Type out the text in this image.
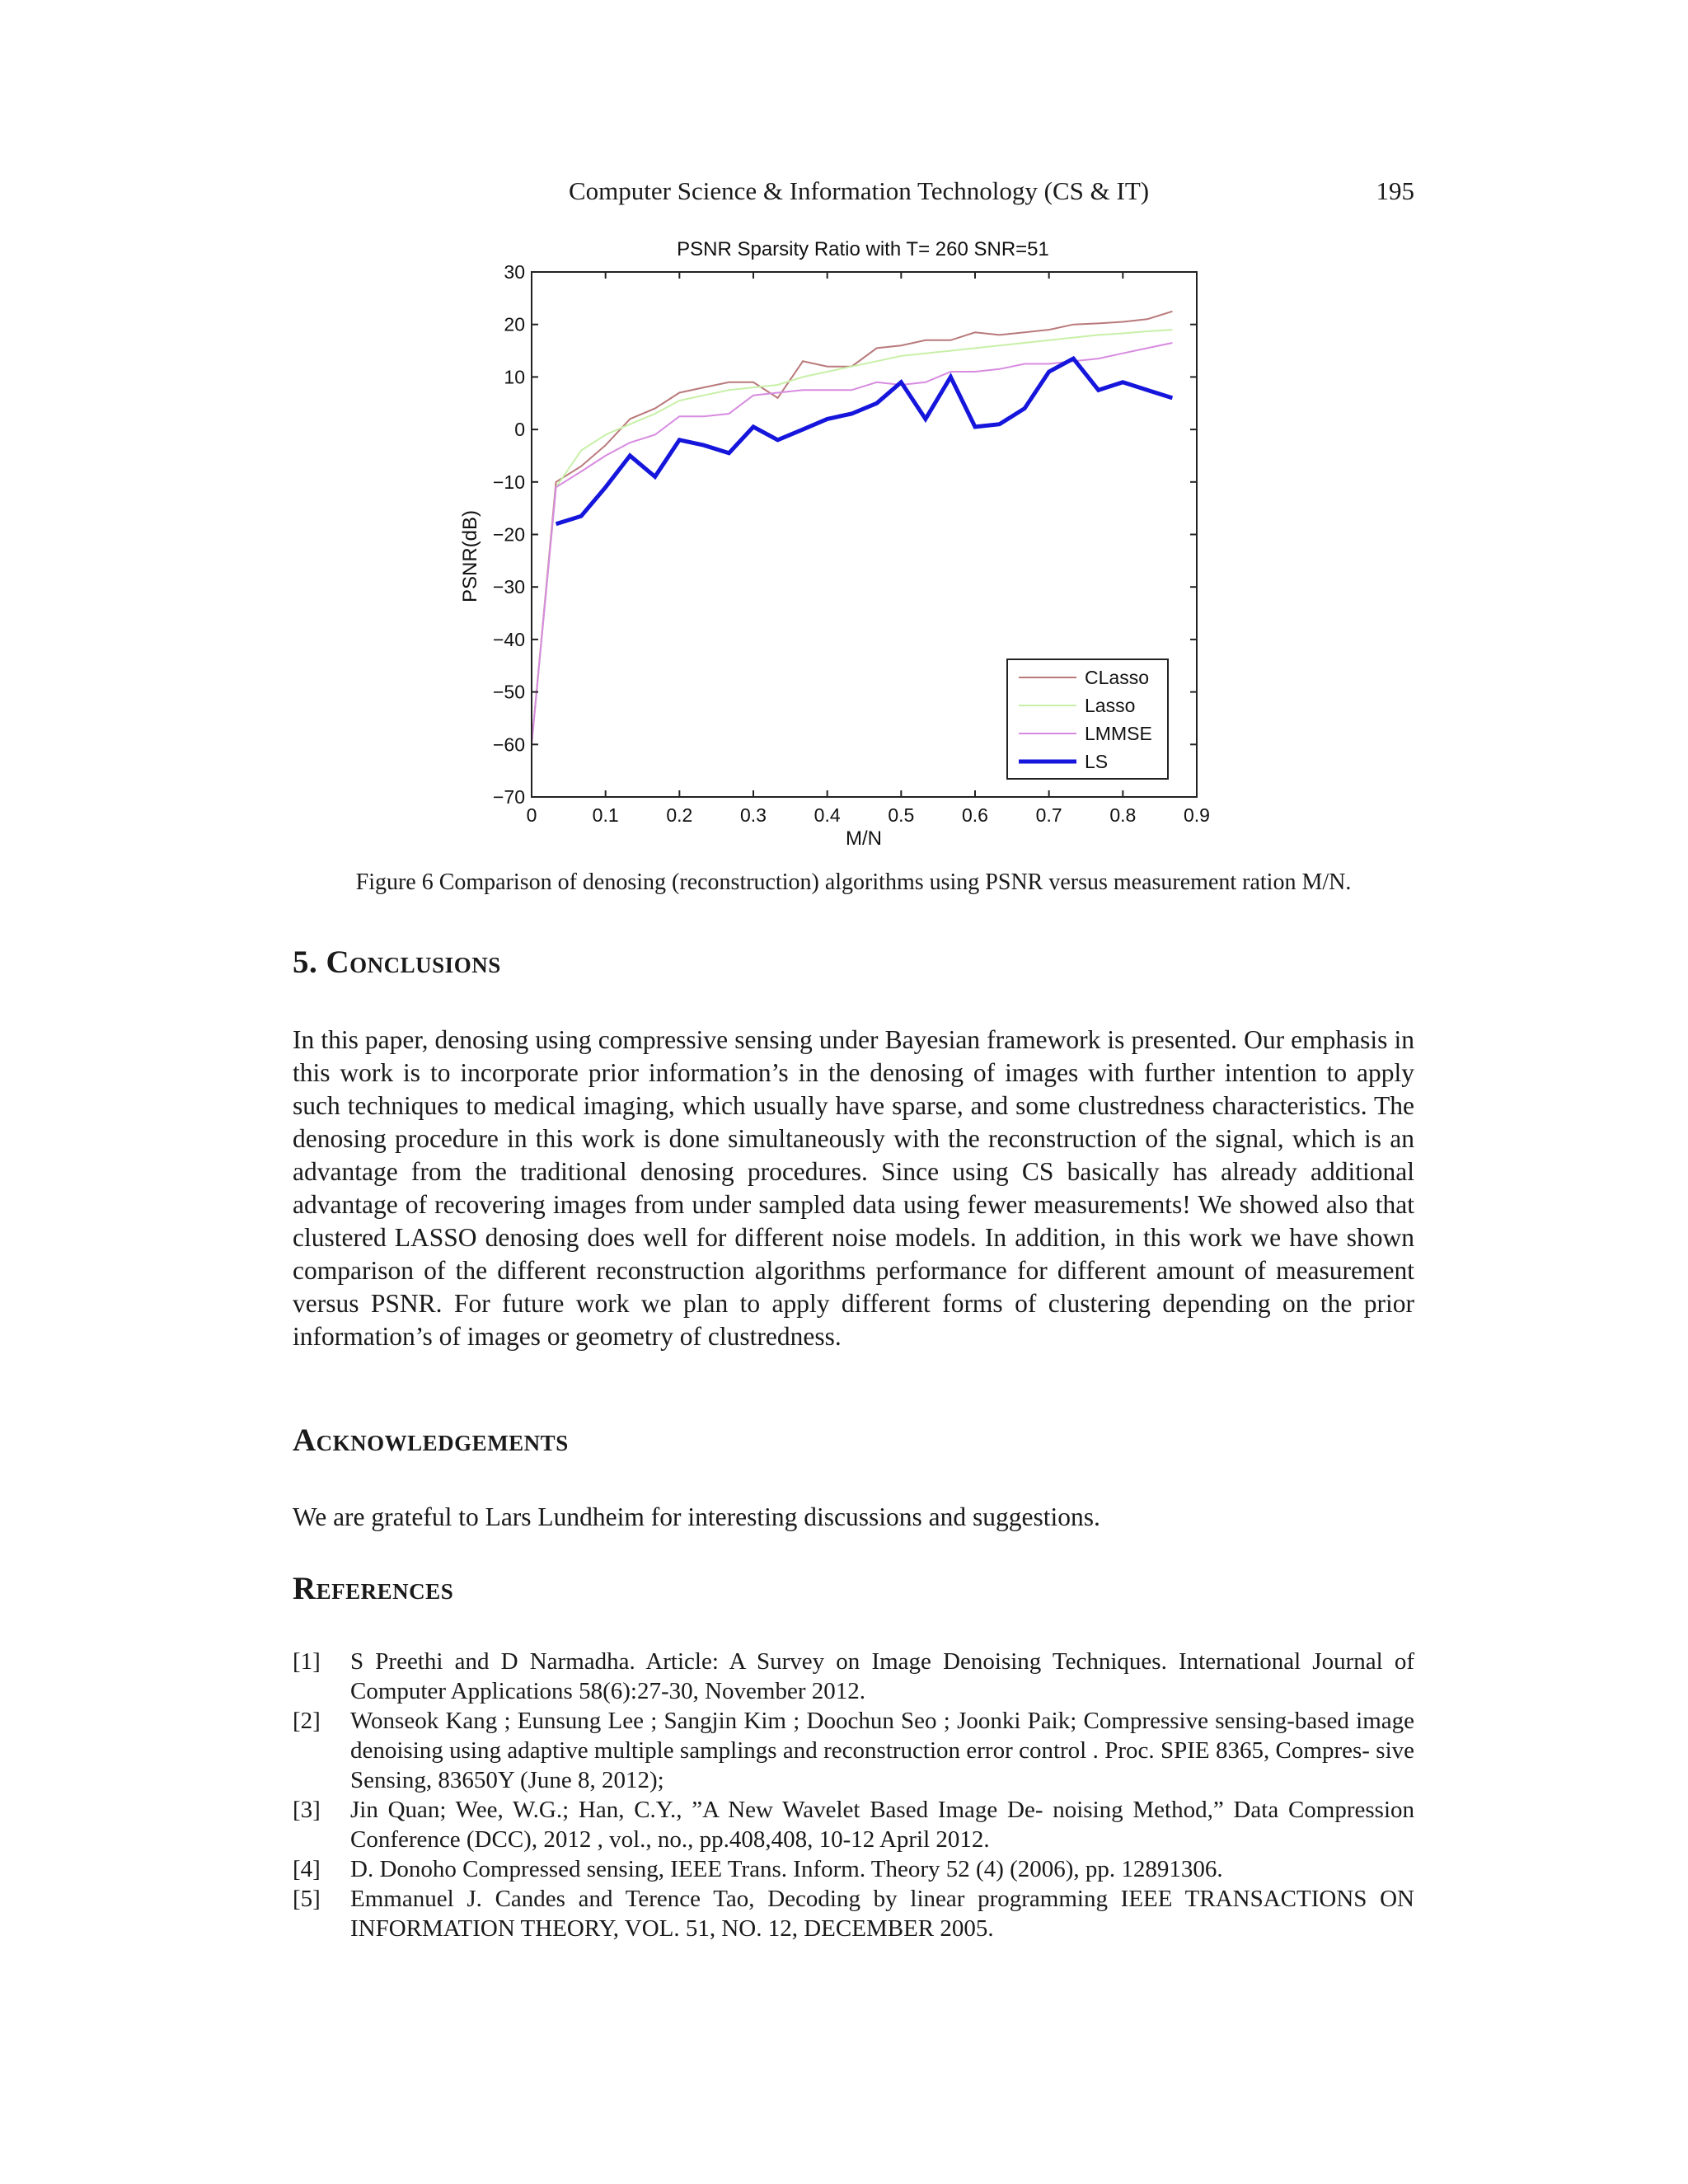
Computer Science & Information Technology (CS & IT)	195
PSNR Sparsity Ratio with T= 260 SNR=51
PSNR(dB)
M/N
0	0.1	0.2	0.3	0.4	0.5	0.6	0.7	0.8	0.9
30
20
10
0
−10
−20
−30
−40
−50
−60
−70
CLasso
Lasso
LMMSE
LS
Figure 6 Comparison of denosing (reconstruction) algorithms using PSNR versus measurement ration M/N.
5. Conclusions

In this paper, denosing using compressive sensing under Bayesian framework is presented. Our emphasis in this work is to incorporate prior information’s in the denosing of images with further intention to apply such techniques to medical imaging, which usually have sparse, and some clustredness characteristics. The denosing procedure in this work is done simultaneously with the reconstruction of the signal, which is an advantage from the traditional denosing procedures. Since using CS basically has already additional advantage of recovering images from under sampled data using fewer measurements! We showed also that clustered LASSO denosing does well for different noise models. In addition, in this work we have shown comparison of the different reconstruction algorithms performance for different amount of measurement versus PSNR. For future work we plan to apply different forms of clustering depending on the prior information’s of images or geometry of clustredness.

Acknowledgements

We are grateful to Lars Lundheim for interesting discussions and suggestions.

References
[1] S Preethi and D Narmadha. Article: A Survey on Image Denoising Techniques. International Journal of Computer Applications 58(6):27-30, November 2012.
[2] Wonseok Kang ; Eunsung Lee ; Sangjin Kim ; Doochun Seo ; Joonki Paik; Compressive sensing-based image denoising using adaptive multiple samplings and reconstruction error control . Proc. SPIE 8365, Compres- sive Sensing, 83650Y (June 8, 2012);
[3] Jin Quan; Wee, W.G.; Han, C.Y., ”A New Wavelet Based Image De- noising Method,” Data Compression Conference (DCC), 2012 , vol., no., pp.408,408, 10-12 April 2012.
[4] D. Donoho Compressed sensing, IEEE Trans. Inform. Theory 52 (4) (2006), pp. 12891306.
[5] Emmanuel J. Candes and Terence Tao, Decoding by linear programming IEEE TRANSACTIONS ON INFORMATION THEORY, VOL. 51, NO. 12, DECEMBER 2005.
